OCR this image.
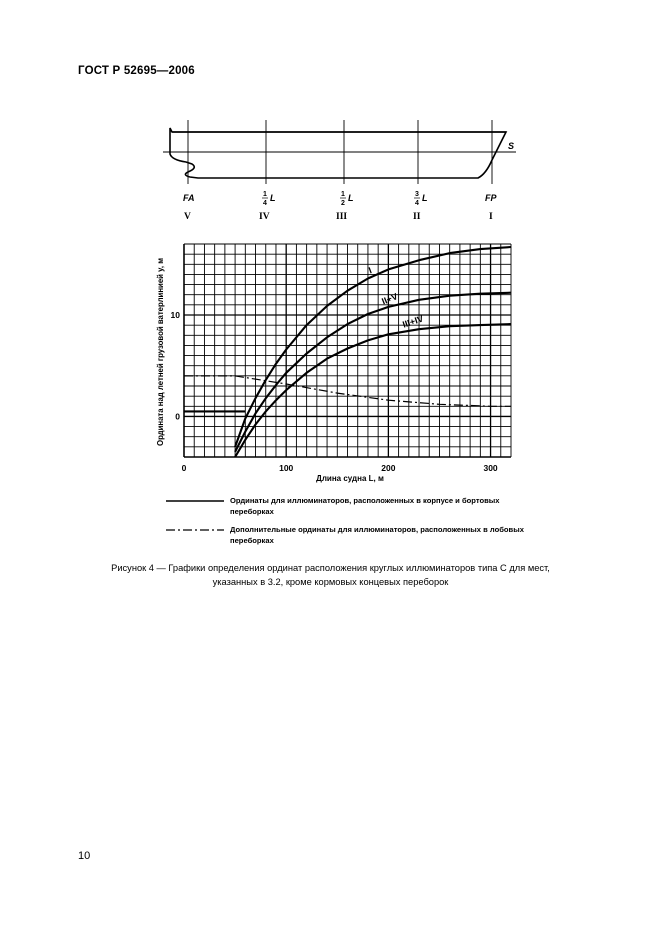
ГОСТ Р 52695—2006
S
FA	FP
1
4
L	1
2
L	3
4
L
V	IV	III	II	I
I
II+V
III+IV
0	100	200	300
0
10
Длина судна L, м
Ордината над летней грузовой ватерлинией y, м
Ординаты для иллюминаторов, расположенных в корпусе и бортовых переборках
Дополнительные ординаты для иллюминаторов, расположенных в лобовых переборках
Рисунок 4 — Графики определения ординат расположения круглых иллюминаторов типа С для мест,
указанных в 3.2, кроме кормовых концевых переборок
10
